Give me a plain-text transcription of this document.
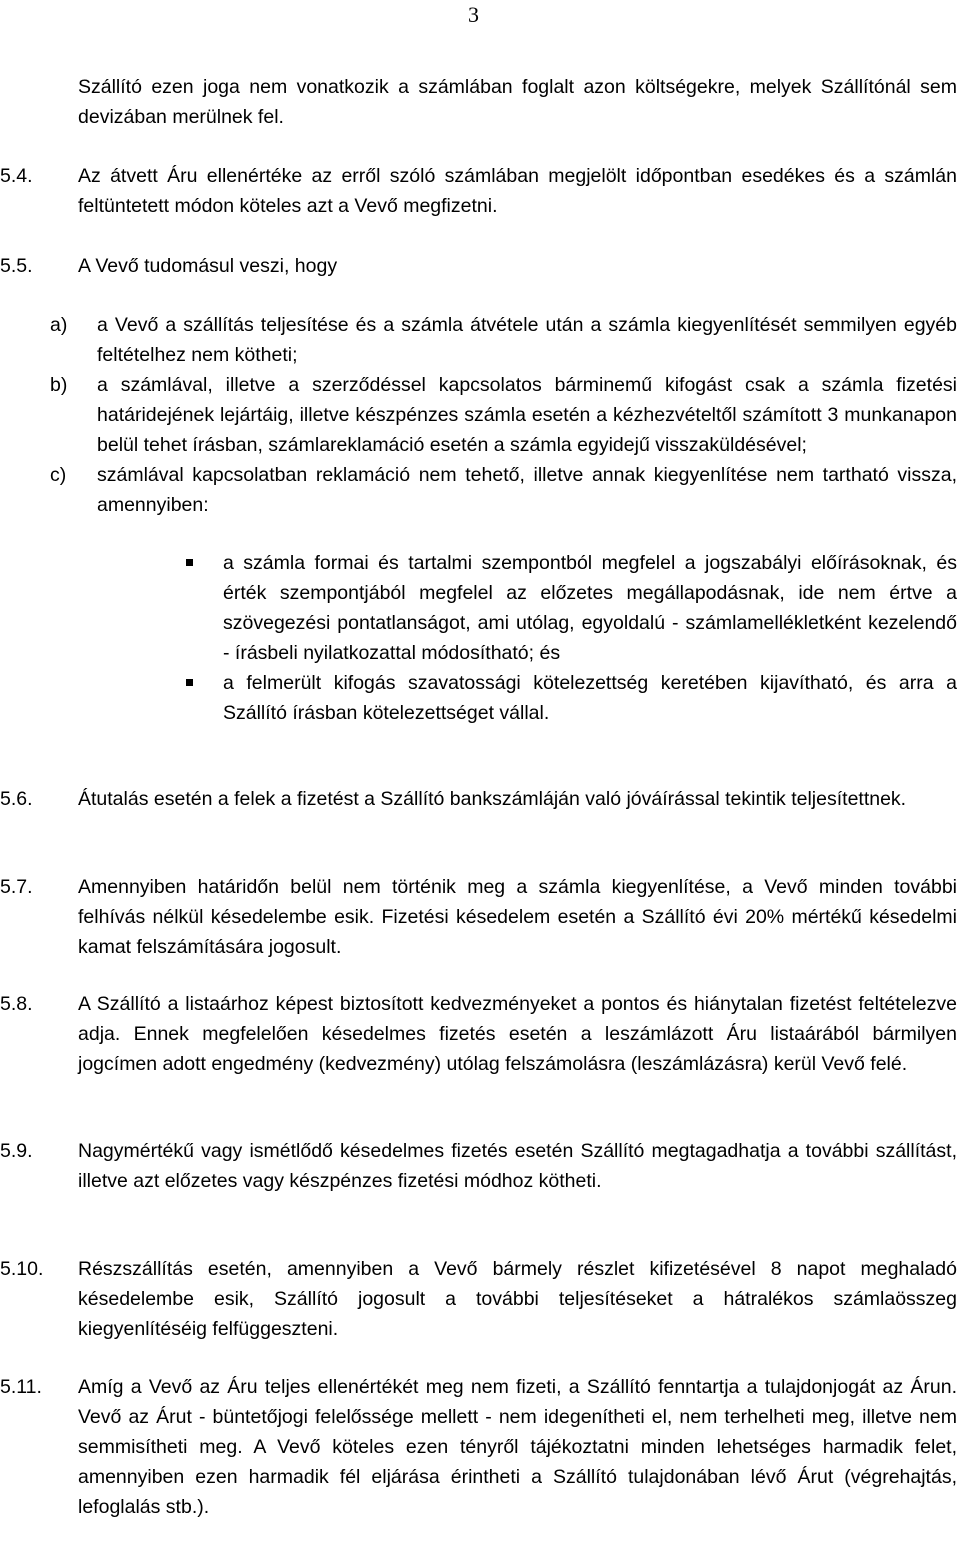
3
Szállító ezen joga nem vonatkozik a számlában foglalt azon költségekre, melyek Szállítónál sem devizában merülnek fel.
5.4. Az átvett Áru ellenértéke az erről szóló számlában megjelölt időpontban esedékes és a számlán feltüntetett módon köteles azt a Vevő megfizetni.
5.5. A Vevő tudomásul veszi, hogy
a) a Vevő a szállítás teljesítése és a számla átvétele után a számla kiegyenlítését semmilyen egyéb feltételhez nem kötheti;
b) a számlával, illetve a szerződéssel kapcsolatos bárminemű kifogást csak a számla fizetési határidejének lejártáig, illetve készpénzes számla esetén a kézhezvételtől számított 3 munkanapon belül tehet írásban, számlareklamáció esetén a számla egyidejű visszaküldésével;
c) számlával kapcsolatban reklamáció nem tehető, illetve annak kiegyenlítése nem tartható vissza, amennyiben:
a számla formai és tartalmi szempontból megfelel a jogszabályi előírásoknak, és érték szempontjából megfelel az előzetes megállapodásnak, ide nem értve a szövegezési pontatlanságot, ami utólag, egyoldalú - számlamellékletként kezelendő - írásbeli nyilatkozattal módosítható; és
a felmerült kifogás szavatossági kötelezettség keretében kijavítható, és arra a Szállító írásban kötelezettséget vállal.
5.6. Átutalás esetén a felek a fizetést a Szállító bankszámláján való jóváírással tekintik teljesítettnek.
5.7. Amennyiben határidőn belül nem történik meg a számla kiegyenlítése, a Vevő minden további felhívás nélkül késedelembe esik. Fizetési késedelem esetén a Szállító évi 20% mértékű késedelmi kamat felszámítására jogosult.
5.8. A Szállító a listaárhoz képest biztosított kedvezményeket a pontos és hiánytalan fizetést feltételezve adja. Ennek megfelelően késedelmes fizetés esetén a leszámlázott Áru listaárából bármilyen jogcímen adott engedmény (kedvezmény) utólag felszámolásra (leszámlázásra) kerül Vevő felé.
5.9. Nagymértékű vagy ismétlődő késedelmes fizetés esetén Szállító megtagadhatja a további szállítást, illetve azt előzetes vagy készpénzes fizetési módhoz kötheti.
5.10. Részszállítás esetén, amennyiben a Vevő bármely részlet kifizetésével 8 napot meghaladó késedelembe esik, Szállító jogosult a további teljesítéseket a hátralékos számlaösszeg kiegyenlítéséig felfüggeszteni.
5.11. Amíg a Vevő az Áru teljes ellenértékét meg nem fizeti, a Szállító fenntartja a tulajdonjogát az Árun. Vevő az Árut - büntetőjogi felelőssége mellett - nem idegenítheti el, nem terhelheti meg, illetve nem semmisítheti meg. A Vevő köteles ezen tényről tájékoztatni minden lehetséges harmadik felet, amennyiben ezen harmadik fél eljárása érintheti a Szállító tulajdonában lévő Árut (végrehajtás, lefoglalás stb.).
